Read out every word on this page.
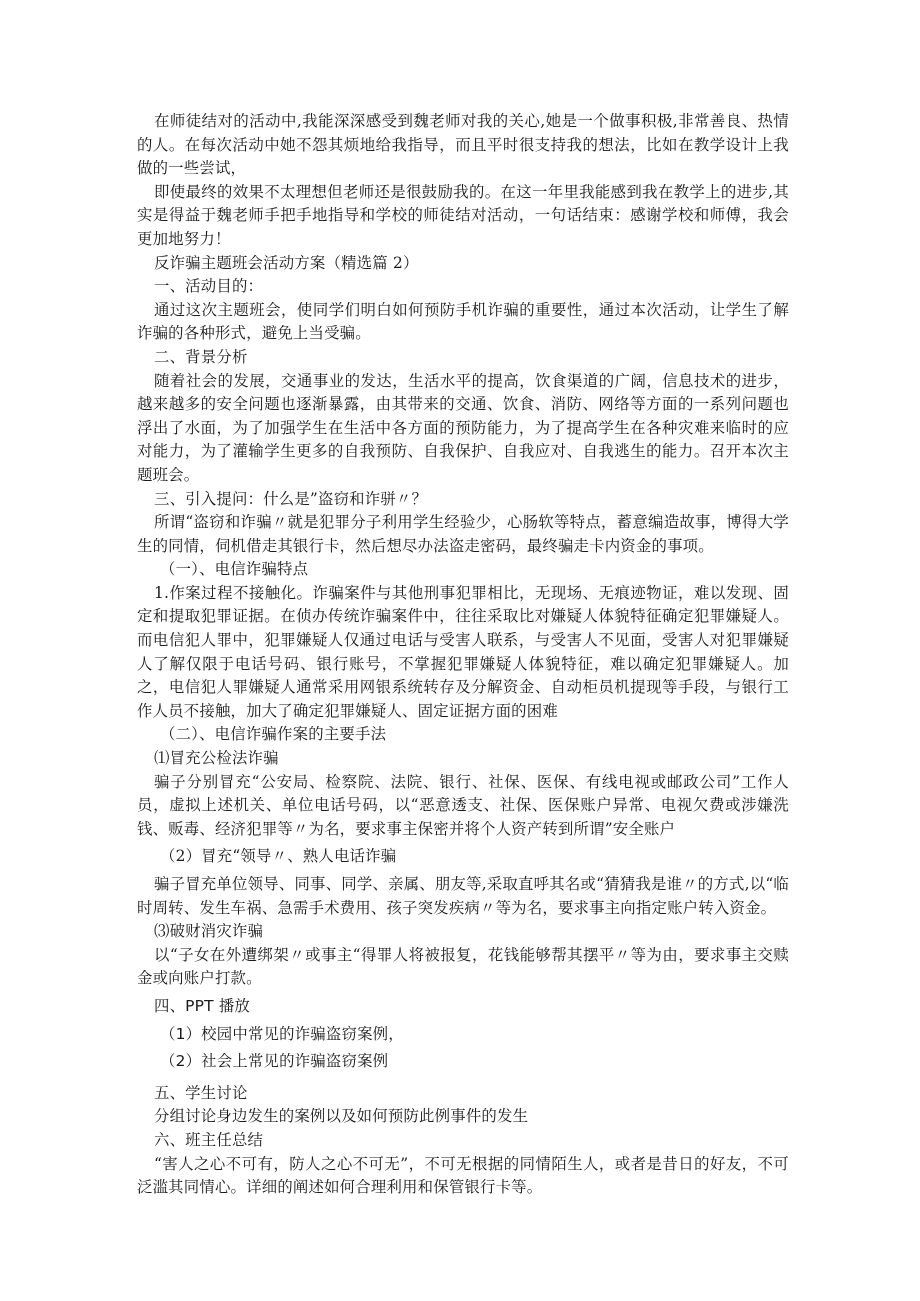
在师徒结对的活动中,我能深深感受到魏老师对我的关心,她是一个做事积极,非常善良、热情的人。在每次活动中她不怨其烦地给我指导，而且平时很支持我的想法，比如在教学设计上我做的一些尝试，

即使最终的效果不太理想但老师还是很鼓励我的。在这一年里我能感到我在教学上的进步,其实是得益于魏老师手把手地指导和学校的师徒结对活动，一句话结束：感谢学校和师傅，我会更加地努力！

反诈骗主题班会活动方案（精选篇 2）

一、活动目的：

通过这次主题班会，使同学们明白如何预防手机诈骗的重要性，通过本次活动，让学生了解诈骗的各种形式，避免上当受骗。

二、背景分析

随着社会的发展，交通事业的发达，生活水平的提高，饮食渠道的广阔，信息技术的进步，越来越多的安全问题也逐渐暴露，由其带来的交通、饮食、消防、网络等方面的一系列问题也浮出了水面，为了加强学生在生活中各方面的预防能力，为了提高学生在各种灾难来临时的应对能力，为了灌输学生更多的自我预防、自我保护、自我应对、自我逃生的能力。召开本次主题班会。

三、引入提问：什么是”盗窃和诈骈〃？

所谓“盗窃和诈骗〃就是犯罪分子利用学生经验少，心肠软等特点，蓄意编造故事，博得大学生的同情，伺机借走其银行卡，然后想尽办法盗走密码，最终骗走卡内资金的事项。

（一）、电信诈骗特点

1.作案过程不接触化。诈骗案件与其他刑事犯罪相比，无现场、无痕迹物证，难以发现、固定和提取犯罪证据。在侦办传统诈骗案件中，往往采取比对嫌疑人体貌特征确定犯罪嫌疑人。而电信犯人罪中，犯罪嫌疑人仅通过电话与受害人联系，与受害人不见面，受害人对犯罪嫌疑人了解仅限于电话号码、银行账号，不掌握犯罪嫌疑人体貌特征，难以确定犯罪嫌疑人。加之，电信犯人罪嫌疑人通常采用网银系统转存及分解资金、自动柜员机提现等手段，与银行工作人员不接触，加大了确定犯罪嫌疑人、固定证据方面的困难

（二）、电信诈骗作案的主要手法

⑴冒充公检法诈骗

骗子分别冒充“公安局、检察院、法院、银行、社保、医保、有线电视或邮政公司”工作人员，虚拟上述机关、单位电话号码，以“恶意透支、社保、医保账户异常、电视欠费或涉嫌洗钱、贩毒、经济犯罪等〃为名，要求事主保密并将个人资产转到所谓”安全账户

（2）冒充“领导〃、熟人电话诈骗

骗子冒充单位领导、同事、同学、亲属、朋友等,采取直呼其名或“猜猜我是谁〃的方式,以“临时周转、发生车祸、急需手术费用、孩子突发疾病〃等为名，要求事主向指定账户转入资金。

⑶破财消灾诈骗

以“子女在外遭绑架〃或事主“得罪人将被报复，花钱能够帮其摆平〃等为由，要求事主交赎金或向账户打款。

四、PPT 播放

（1）校园中常见的诈骗盗窃案例，

（2）社会上常见的诈骗盗窃案例

五、学生讨论

分组讨论身边发生的案例以及如何预防此例事件的发生

六、班主任总结

“害人之心不可有，防人之心不可无”，不可无根据的同情陌生人，或者是昔日的好友，不可泛滥其同情心。详细的阐述如何合理利用和保管银行卡等。
